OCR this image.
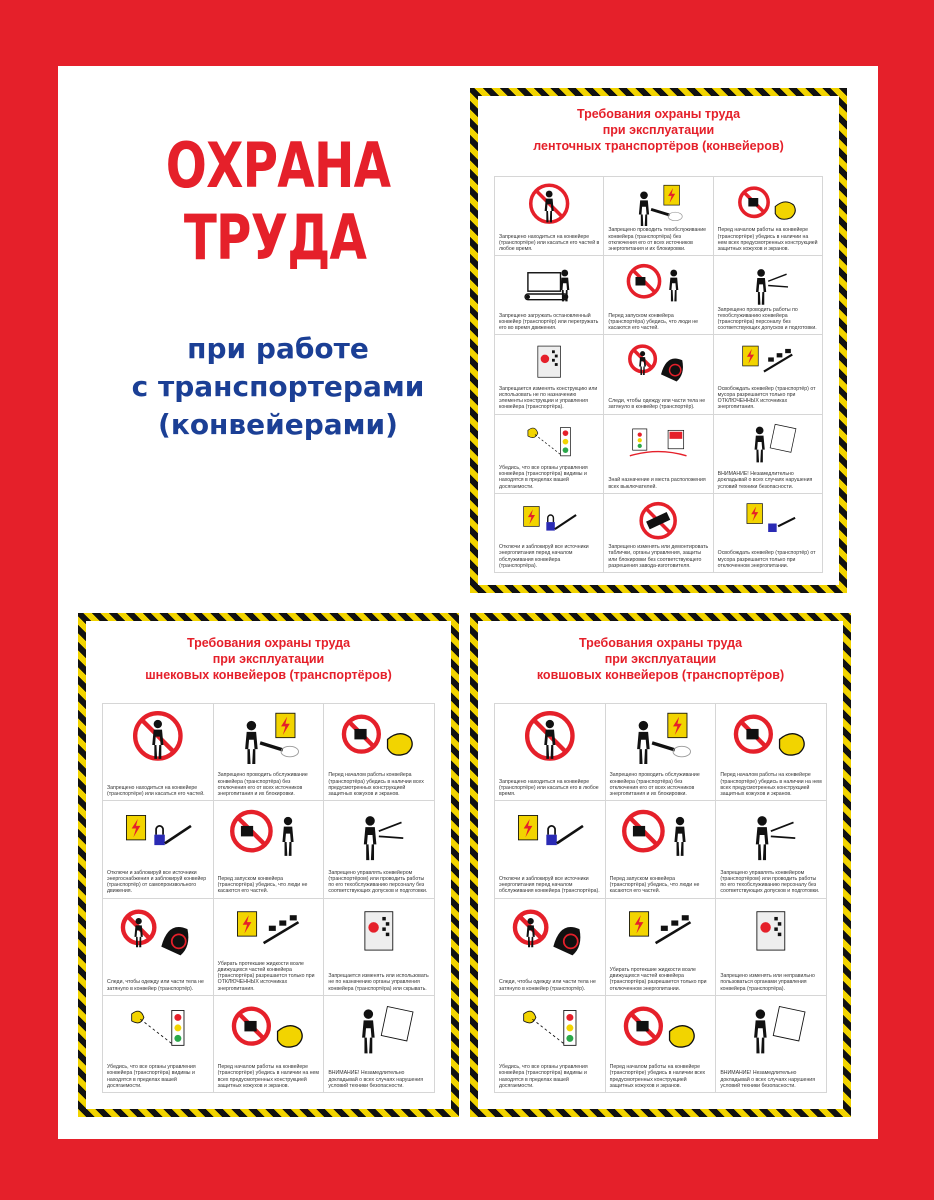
ОХРАНА
ТРУДА
при работе
с транспортерами
(конвейерами)
Требования охраны труда
при эксплуатации
ленточных транспортёров (конвейеров)
Запрещено находиться на конвейере (транспортёре) или касаться его частей в любое время.
Запрещено проводить техобслуживание конвейера (транспортёра) без отключения его от всех источников энергопитания и их блокировки.
Перед началом работы на конвейере (транспортёре) убедись в наличии на нем всех предусмотренных конструкцией защитных кожухов и экранов.
Запрещено загружать остановленный конвейер (транспортёр) или перегружать его во время движения.
Перед запуском конвейера (транспортёра) убедись, что люди не касаются его частей.
Запрещено проводить работы по техобслуживанию конвейера (транспортёра) персоналу без соответствующих допусков и подготовки.
Запрещается изменять конструкцию или использовать не по назначению элементы конструкции и управления конвейера (транспортёра).
Следи, чтобы одежду или части тела не затянуло в конвейер (транспортёр).
Освобождать конвейер (транспортёр) от мусора разрешается только при ОТКЛЮЧЕННЫХ источниках энергопитания.
Убедись, что все органы управления конвейера (транспортёра) видимы и находятся в пределах вашей досягаемости.
Знай назначение и места расположения всех выключателей.
ВНИМАНИЕ! Незамедлительно докладывай о всех случаях нарушения условий техники безопасности.
Отключи и заблокируй все источники энергопитания перед началом обслуживания конвейера (транспортёра).
Запрещено изменять или демонтировать таблички, органы управления, защиты или блокировки без соответствующего разрешения завода-изготовителя.
Освобождать конвейер (транспортёр) от мусора разрешается только при отключенном энергопитании.
Требования охраны труда
при эксплуатации
шнековых конвейеров (транспортёров)
Запрещено находиться на конвейере (транспортёре) или касаться его частей.
Запрещено проводить обслуживание конвейера (транспортёра) без отключения его от всех источников энергопитания и их блокировки.
Перед началом работы конвейера (транспортёра) убедись в наличии всех предусмотренных конструкцией защитных кожухов и экранов.
Отключи и заблокируй все источники энергоснабжения и заблокируй конвейер (транспортёр) от самопроизвольного движения.
Перед запуском конвейера (транспортёра) убедись, что люди не касаются его частей.
Запрещено управлять конвейером (транспортёром) или проводить работы по его техобслуживанию персоналу без соответствующих допусков и подготовки.
Следи, чтобы одежду или части тела не затянуло в конвейер (транспортёр).
Убирать протекшие жидкости возле движущихся частей конвейера (транспортёра) разрешается только при ОТКЛЮЧЕННЫХ источниках энергопитания.
Запрещается изменять или использовать не по назначению органы управления конвейера (транспортёра) или скрывать.
Убедись, что все органы управления конвейера (транспортёра) видимы и находятся в пределах вашей досягаемости.
Перед началом работы на конвейере (транспортёре) убедись в наличии на нем всех предусмотренных конструкцией защитных кожухов и экранов.
ВНИМАНИЕ! Незамедлительно докладывай о всех случаях нарушения условий техники безопасности.
Требования охраны труда
при эксплуатации
ковшовых конвейеров (транспортёров)
Запрещено находиться на конвейере (транспортёре) или касаться его в любое время.
Запрещено проводить обслуживание конвейера (транспортёра) без отключения его от всех источников энергопитания и их блокировки.
Перед началом работы на конвейере (транспортёре) убедись в наличии на нем всех предусмотренных конструкцией защитных кожухов и экранов.
Отключи и заблокируй все источники энергопитания перед началом обслуживания конвейера (транспортёра).
Перед запуском конвейера (транспортёра) убедись, что люди не касаются его частей.
Запрещено управлять конвейером (транспортёром) или проводить работы по его техобслуживанию персоналу без соответствующих допусков и подготовки.
Следи, чтобы одежду или части тела не затянуло в конвейер (транспортёр).
Убирать протекшие жидкости возле движущихся частей конвейера (транспортёра) разрешается только при отключенном энергопитании.
Запрещено изменять или неправильно пользоваться органами управления конвейера (транспортёра).
Убедись, что все органы управления конвейера (транспортёра) видимы и находятся в пределах вашей досягаемости.
Перед началом работы на конвейере (транспортёре) убедись в наличии всех предусмотренных конструкцией защитных кожухов и экранов.
ВНИМАНИЕ! Незамедлительно докладывай о всех случаях нарушения условий техники безопасности.
